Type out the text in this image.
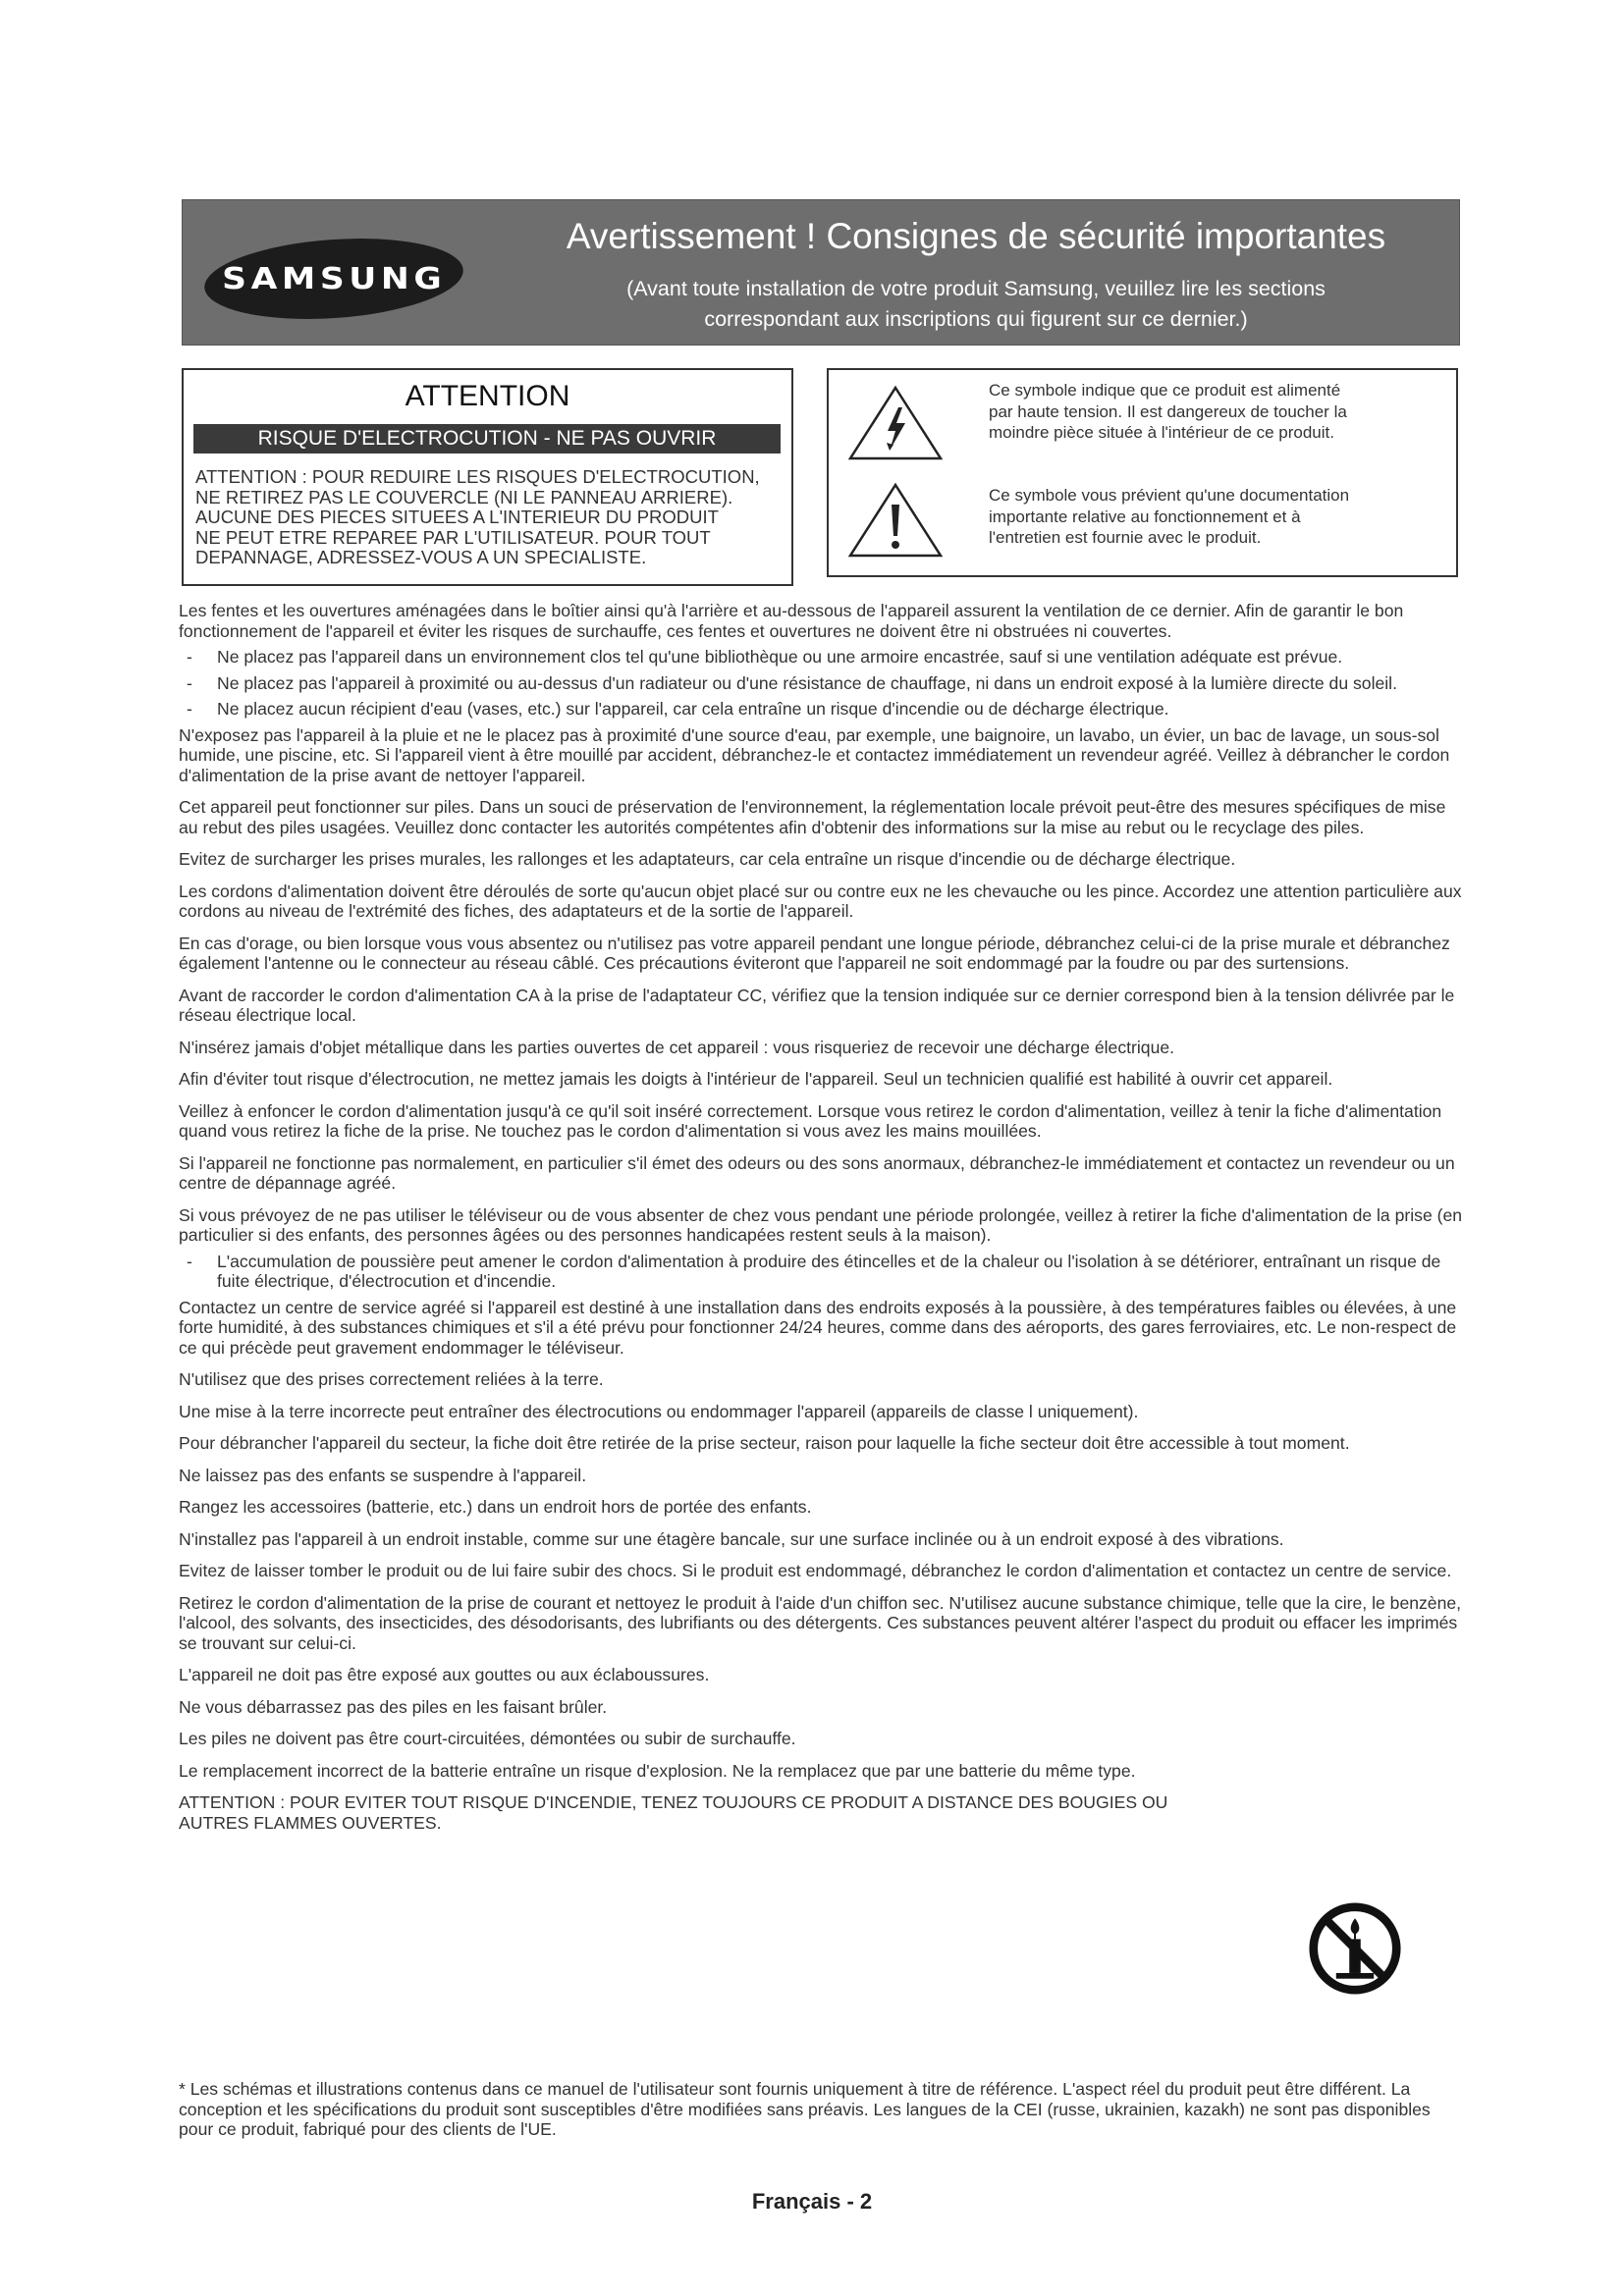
SAMSUNG
Avertissement ! Consignes de sécurité importantes
(Avant toute installation de votre produit Samsung, veuillez lire les sections
correspondant aux inscriptions qui figurent sur ce dernier.)
ATTENTION
RISQUE D'ELECTROCUTION - NE PAS OUVRIR
ATTENTION : POUR REDUIRE LES RISQUES D'ELECTROCUTION,
NE RETIREZ PAS LE COUVERCLE (NI LE PANNEAU ARRIERE).
AUCUNE DES PIECES SITUEES A L'INTERIEUR DU PRODUIT
NE PEUT ETRE REPAREE PAR L'UTILISATEUR. POUR TOUT
DEPANNAGE, ADRESSEZ-VOUS A UN SPECIALISTE.
Ce symbole indique que ce produit est alimenté
par haute tension. Il est dangereux de toucher la
moindre pièce située à l'intérieur de ce produit.
Ce symbole vous prévient qu'une documentation
importante relative au fonctionnement et à
l'entretien est fournie avec le produit.
Les fentes et les ouvertures aménagées dans le boîtier ainsi qu'à l'arrière et au-dessous de l'appareil assurent la ventilation de ce dernier. Afin de garantir le bon fonctionnement de l'appareil et éviter les risques de surchauffe, ces fentes et ouvertures ne doivent être ni obstruées ni couvertes.
- Ne placez pas l'appareil dans un environnement clos tel qu'une bibliothèque ou une armoire encastrée, sauf si une ventilation adéquate est prévue.
- Ne placez pas l'appareil à proximité ou au-dessus d'un radiateur ou d'une résistance de chauffage, ni dans un endroit exposé à la lumière directe du soleil.
- Ne placez aucun récipient d'eau (vases, etc.) sur l'appareil, car cela entraîne un risque d'incendie ou de décharge électrique.
N'exposez pas l'appareil à la pluie et ne le placez pas à proximité d'une source d'eau, par exemple, une baignoire, un lavabo, un évier, un bac de lavage, un sous-sol humide, une piscine, etc. Si l'appareil vient à être mouillé par accident, débranchez-le et contactez immédiatement un revendeur agréé. Veillez à débrancher le cordon d'alimentation de la prise avant de nettoyer l'appareil.
Cet appareil peut fonctionner sur piles. Dans un souci de préservation de l'environnement, la réglementation locale prévoit peut-être des mesures spécifiques de mise au rebut des piles usagées. Veuillez donc contacter les autorités compétentes afin d'obtenir des informations sur la mise au rebut ou le recyclage des piles.
Evitez de surcharger les prises murales, les rallonges et les adaptateurs, car cela entraîne un risque d'incendie ou de décharge électrique.
Les cordons d'alimentation doivent être déroulés de sorte qu'aucun objet placé sur ou contre eux ne les chevauche ou les pince. Accordez une attention particulière aux cordons au niveau de l'extrémité des fiches, des adaptateurs et de la sortie de l'appareil.
En cas d'orage, ou bien lorsque vous vous absentez ou n'utilisez pas votre appareil pendant une longue période, débranchez celui-ci de la prise murale et débranchez également l'antenne ou le connecteur au réseau câblé. Ces précautions éviteront que l'appareil ne soit endommagé par la foudre ou par des surtensions.
Avant de raccorder le cordon d'alimentation CA à la prise de l'adaptateur CC, vérifiez que la tension indiquée sur ce dernier correspond bien à la tension délivrée par le réseau électrique local.
N'insérez jamais d'objet métallique dans les parties ouvertes de cet appareil : vous risqueriez de recevoir une décharge électrique.
Afin d'éviter tout risque d'électrocution, ne mettez jamais les doigts à l'intérieur de l'appareil. Seul un technicien qualifié est habilité à ouvrir cet appareil.
Veillez à enfoncer le cordon d'alimentation jusqu'à ce qu'il soit inséré correctement. Lorsque vous retirez le cordon d'alimentation, veillez à tenir la fiche d'alimentation quand vous retirez la fiche de la prise. Ne touchez pas le cordon d'alimentation si vous avez les mains mouillées.
Si l'appareil ne fonctionne pas normalement, en particulier s'il émet des odeurs ou des sons anormaux, débranchez-le immédiatement et contactez un revendeur ou un centre de dépannage agréé.
Si vous prévoyez de ne pas utiliser le téléviseur ou de vous absenter de chez vous pendant une période prolongée, veillez à retirer la fiche d'alimentation de la prise (en particulier si des enfants, des personnes âgées ou des personnes handicapées restent seuls à la maison).
- L'accumulation de poussière peut amener le cordon d'alimentation à produire des étincelles et de la chaleur ou l'isolation à se détériorer, entraînant un risque de fuite électrique, d'électrocution et d'incendie.
Contactez un centre de service agréé si l'appareil est destiné à une installation dans des endroits exposés à la poussière, à des températures faibles ou élevées, à une forte humidité, à des substances chimiques et s'il a été prévu pour fonctionner 24/24 heures, comme dans des aéroports, des gares ferroviaires, etc. Le non-respect de ce qui précède peut gravement endommager le téléviseur.
N'utilisez que des prises correctement reliées à la terre.
Une mise à la terre incorrecte peut entraîner des électrocutions ou endommager l'appareil (appareils de classe l uniquement).
Pour débrancher l'appareil du secteur, la fiche doit être retirée de la prise secteur, raison pour laquelle la fiche secteur doit être accessible à tout moment.
Ne laissez pas des enfants se suspendre à l'appareil.
Rangez les accessoires (batterie, etc.) dans un endroit hors de portée des enfants.
N'installez pas l'appareil à un endroit instable, comme sur une étagère bancale, sur une surface inclinée ou à un endroit exposé à des vibrations.
Evitez de laisser tomber le produit ou de lui faire subir des chocs. Si le produit est endommagé, débranchez le cordon d'alimentation et contactez un centre de service.
Retirez le cordon d'alimentation de la prise de courant et nettoyez le produit à l'aide d'un chiffon sec. N'utilisez aucune substance chimique, telle que la cire, le benzène, l'alcool, des solvants, des insecticides, des désodorisants, des lubrifiants ou des détergents. Ces substances peuvent altérer l'aspect du produit ou effacer les imprimés se trouvant sur celui-ci.
L'appareil ne doit pas être exposé aux gouttes ou aux éclaboussures.
Ne vous débarrassez pas des piles en les faisant brûler.
Les piles ne doivent pas être court-circuitées, démontées ou subir de surchauffe.
Le remplacement incorrect de la batterie entraîne un risque d'explosion. Ne la remplacez que par une batterie du même type.
ATTENTION : POUR EVITER TOUT RISQUE D'INCENDIE, TENEZ TOUJOURS CE PRODUIT A DISTANCE DES BOUGIES OU
AUTRES FLAMMES OUVERTES.
* Les schémas et illustrations contenus dans ce manuel de l'utilisateur sont fournis uniquement à titre de référence. L'aspect réel du produit peut être différent. La conception et les spécifications du produit sont susceptibles d'être modifiées sans préavis. Les langues de la CEI (russe, ukrainien, kazakh) ne sont pas disponibles pour ce produit, fabriqué pour des clients de l'UE.
Français - 2
